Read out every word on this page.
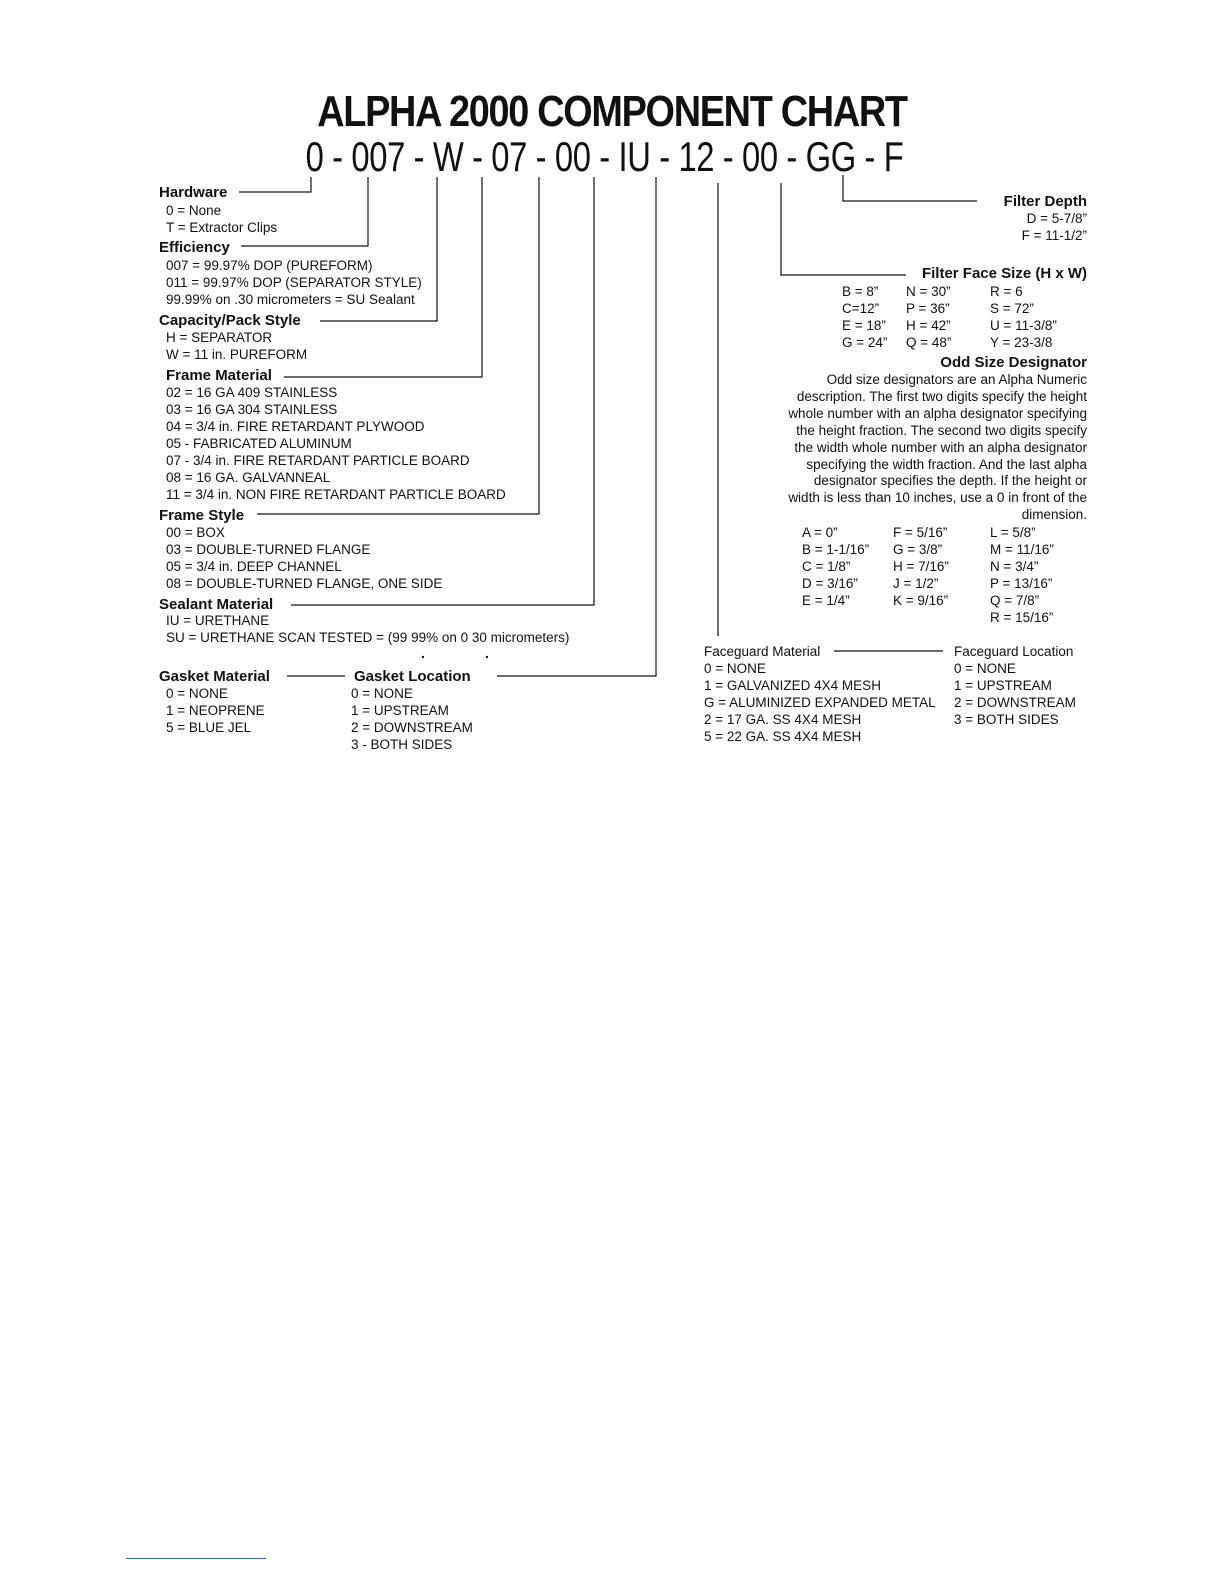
ALPHA 2000 COMPONENT CHART
0 - 007 - W - 07 - 00 - IU - 12 - 00 - GG - F
Hardware
0 = None
T = Extractor Clips
Efficiency
007 = 99.97% DOP (PUREFORM)
011 = 99.97% DOP (SEPARATOR STYLE)
99.99% on .30 micrometers = SU Sealant
Capacity/Pack Style
H = SEPARATOR
W = 11 in. PUREFORM
Frame Material
02 = 16 GA 409 STAINLESS
03 = 16 GA 304 STAINLESS
04 = 3/4 in. FIRE RETARDANT PLYWOOD
05 - FABRICATED ALUMINUM
07 - 3/4 in. FIRE RETARDANT PARTICLE BOARD
08 = 16 GA. GALVANNEAL
11 = 3/4 in. NON FIRE RETARDANT PARTICLE BOARD
Frame Style
00 = BOX
03 = DOUBLE-TURNED FLANGE
05 = 3/4 in. DEEP CHANNEL
08 = DOUBLE-TURNED FLANGE, ONE SIDE
Sealant Material
IU = URETHANE
SU = URETHANE SCAN TESTED = (99 99% on 0 30 micrometers)
Gasket Material
0 = NONE
1 = NEOPRENE
5 = BLUE JEL
Gasket Location
0 = NONE
1 = UPSTREAM
2 = DOWNSTREAM
3 - BOTH SIDES
Filter Depth
D = 5-7/8”
F = 11-1/2”
Filter Face Size (H x W)
B = 8”	N = 30”	R = 6
C=12”	P = 36”	S = 72”
E = 18”	H = 42”	U = 11-3/8”
G = 24”	Q = 48”	Y = 23-3/8
Odd Size Designator
Odd size designators are an Alpha Numeric
description. The first two digits specify the height
whole number with an alpha designator specifying
the height fraction. The second two digits specify
the width whole number with an alpha designator
specifying the width fraction. And the last alpha
designator specifies the depth. If the height or
width is less than 10 inches, use a 0 in front of the
dimension.
A = 0”	F = 5/16”	L = 5/8”
B = 1-1/16”	G = 3/8”	M = 11/16”
C = 1/8”	H = 7/16”	N = 3/4”
D = 3/16”	J = 1/2”	P = 13/16”
E = 1/4”	K = 9/16”	Q = 7/8”
R = 15/16”
Faceguard Material
0 = NONE
1 = GALVANIZED 4X4 MESH
G = ALUMINIZED EXPANDED METAL
2 = 17 GA. SS 4X4 MESH
5 = 22 GA. SS 4X4 MESH
Faceguard Location
0 = NONE
1 = UPSTREAM
2 = DOWNSTREAM
3 = BOTH SIDES
